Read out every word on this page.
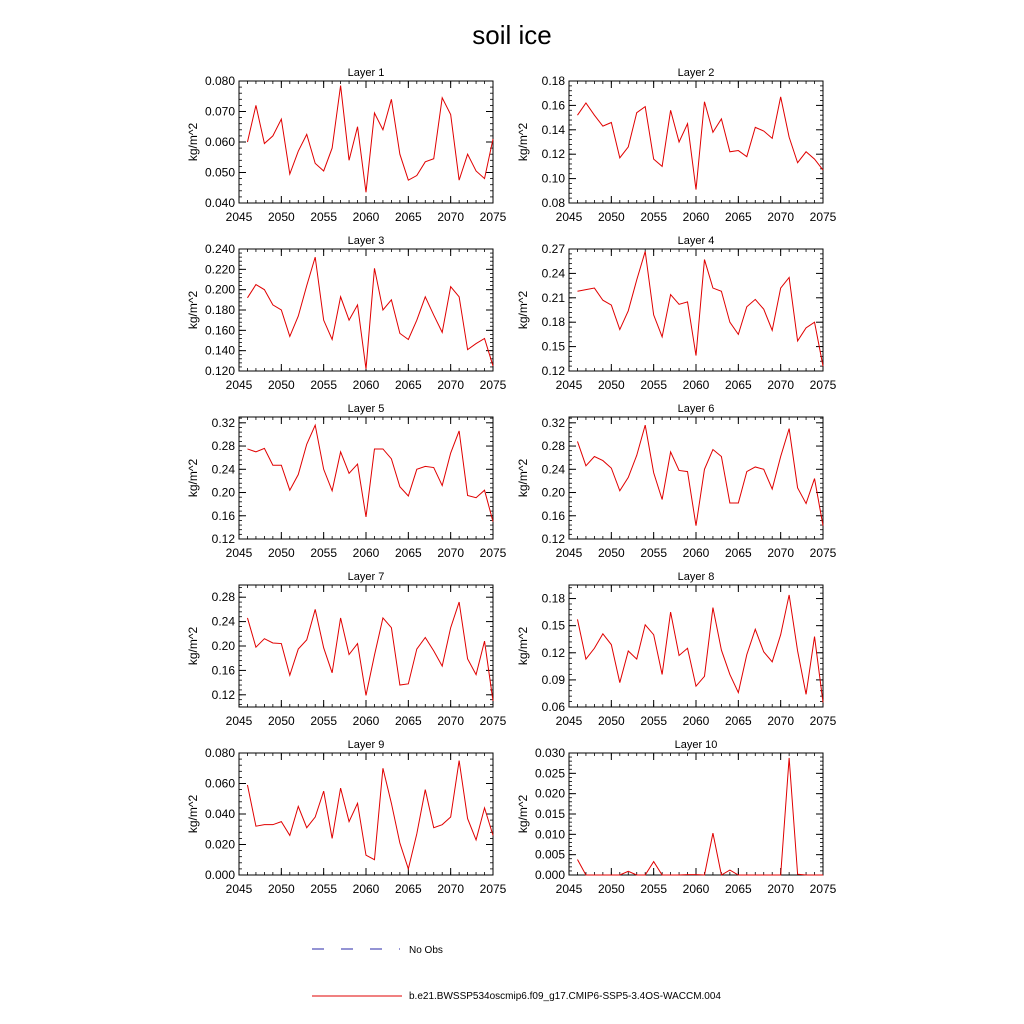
soil ice
Layer 1
2045 2050 2055 2060 2065 2070 2075
0.040
0.050
0.060
0.070
0.080
kg/m^2
Layer 2
2045 2050 2055 2060 2065 2070 2075
0.08
0.10
0.12
0.14
0.16
0.18
kg/m^2
Layer 3
2045 2050 2055 2060 2065 2070 2075
0.120
0.140
0.160
0.180
0.200
0.220
0.240
kg/m^2
Layer 4
2045 2050 2055 2060 2065 2070 2075
0.12
0.15
0.18
0.21
0.24
0.27
kg/m^2
Layer 5
2045 2050 2055 2060 2065 2070 2075
0.12
0.16
0.20
0.24
0.28
0.32
kg/m^2
Layer 6
2045 2050 2055 2060 2065 2070 2075
0.12
0.16
0.20
0.24
0.28
0.32
kg/m^2
Layer 7
2045 2050 2055 2060 2065 2070 2075
0.12
0.16
0.20
0.24
0.28
kg/m^2
Layer 8
2045 2050 2055 2060 2065 2070 2075
0.06
0.09
0.12
0.15
0.18
kg/m^2
Layer 9
2045 2050 2055 2060 2065 2070 2075
0.000
0.020
0.040
0.060
0.080
kg/m^2
Layer 10
2045 2050 2055 2060 2065 2070 2075
0.000
0.005
0.010
0.015
0.020
0.025
0.030
kg/m^2
No Obs
b.e21.BWSSP534oscmip6.f09_g17.CMIP6-SSP5-3.4OS-WACCM.004
